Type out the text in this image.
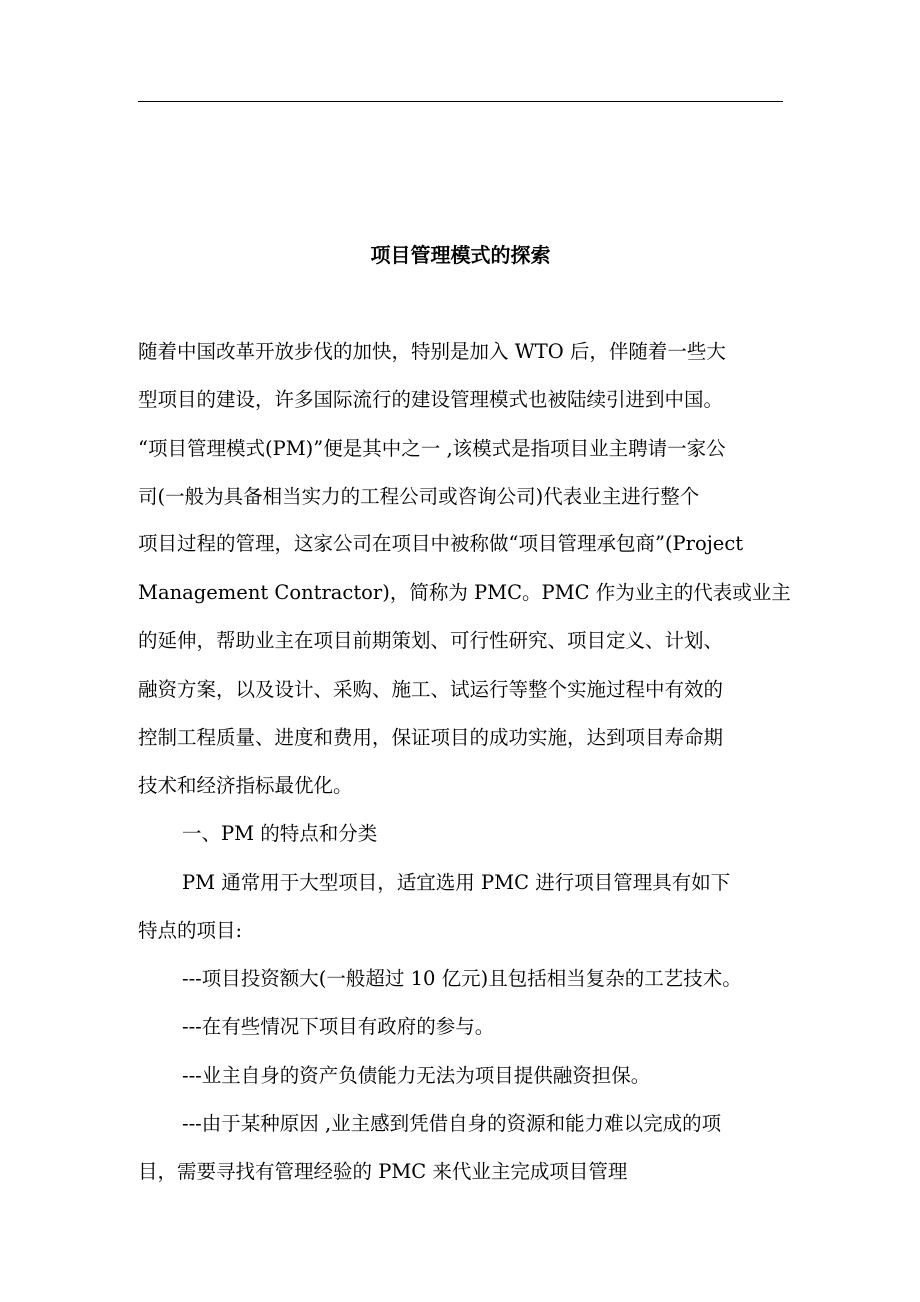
项目管理模式的探索

随着中国改革开放步伐的加快，特别是加入 WTO 后，伴随着一些大

型项目的建设，许多国际流行的建设管理模式也被陆续引进到中国。

“项目管理模式(PM)”便是其中之一 ,该模式是指项目业主聘请一家公

司(一般为具备相当实力的工程公司或咨询公司)代表业主进行整个

项目过程的管理，这家公司在项目中被称做“项目管理承包商”(Project

Management Contractor)，简称为 PMC。PMC 作为业主的代表或业主

的延伸，帮助业主在项目前期策划、可行性研究、项目定义、计划、

融资方案，以及设计、采购、施工、试运行等整个实施过程中有效的

控制工程质量、进度和费用，保证项目的成功实施，达到项目寿命期

技术和经济指标最优化。

一、PM 的特点和分类

PM 通常用于大型项目，适宜选用 PMC 进行项目管理具有如下

特点的项目:

---项目投资额大(一般超过 10 亿元)且包括相当复杂的工艺技术。

---在有些情况下项目有政府的参与。

---业主自身的资产负债能力无法为项目提供融资担保。

---由于某种原因 ,业主感到凭借自身的资源和能力难以完成的项

目，需要寻找有管理经验的 PMC 来代业主完成项目管理
